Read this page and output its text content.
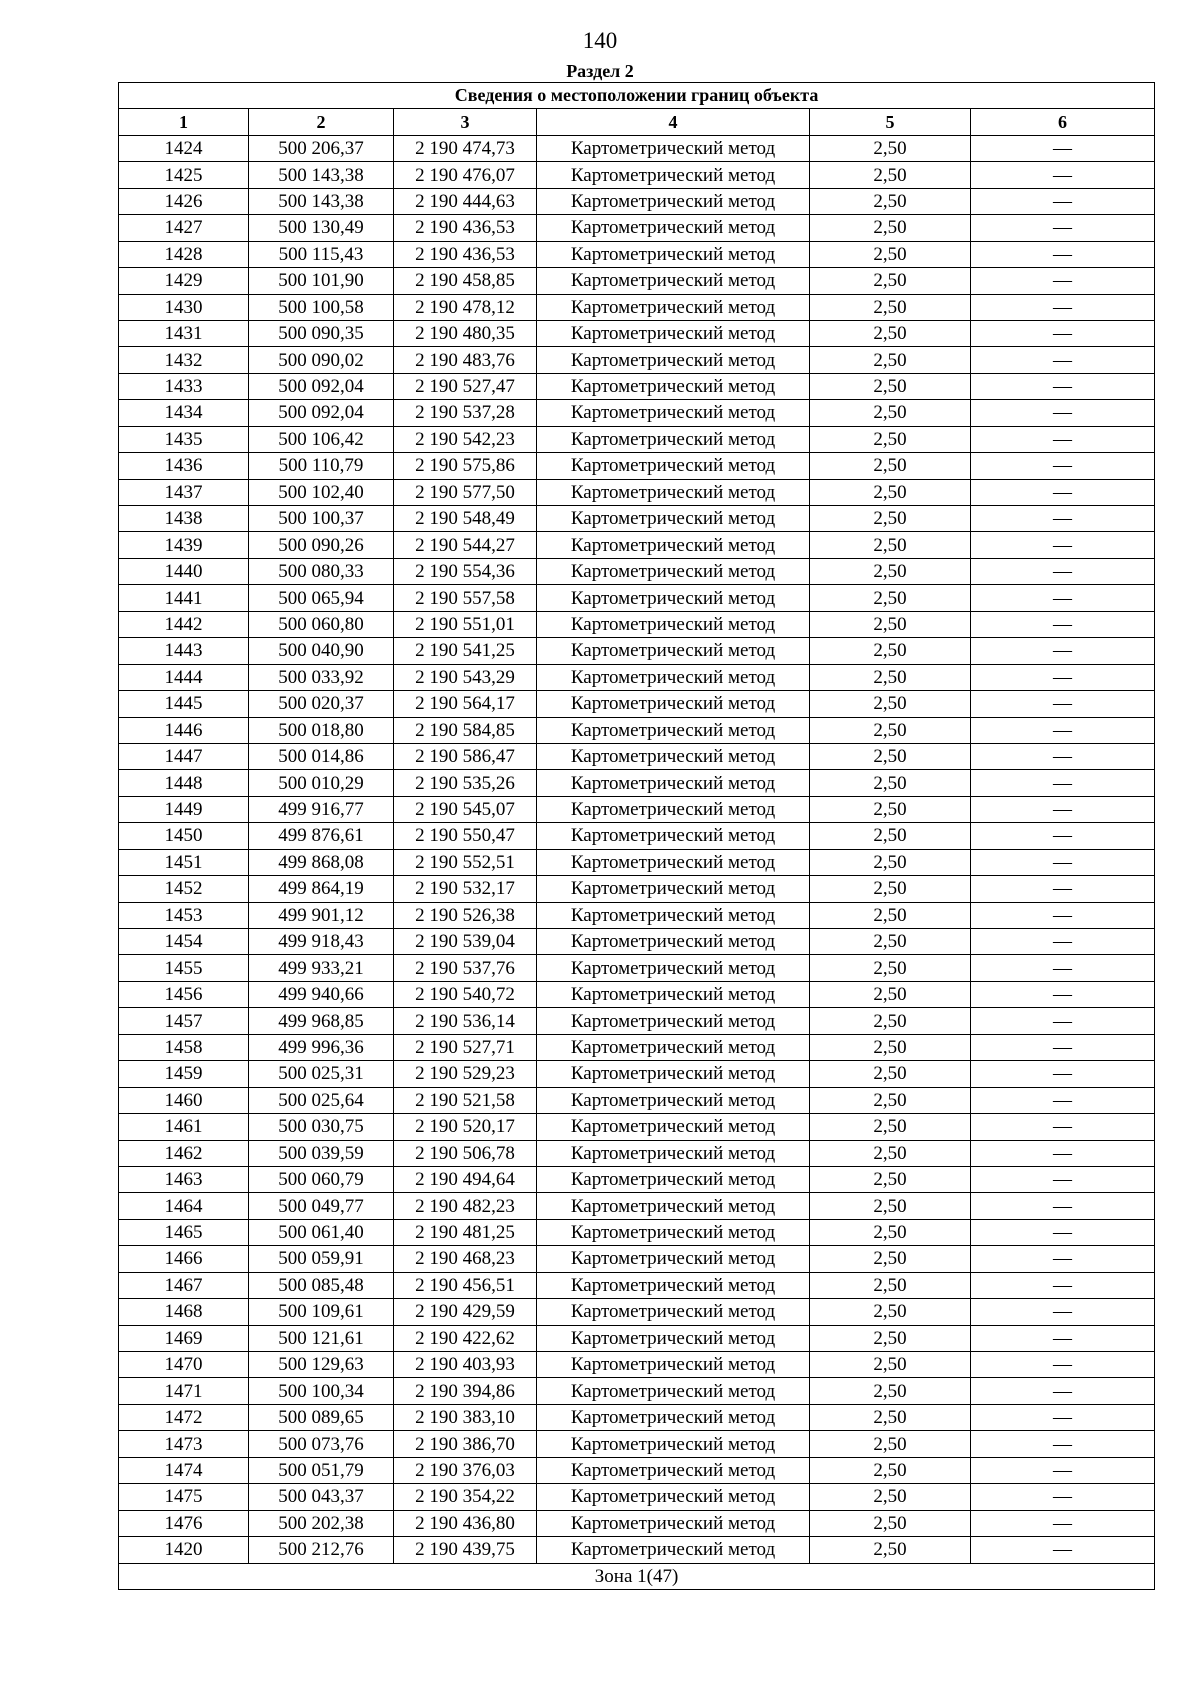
140
Раздел 2
Сведения о местоположении границ объекта					
1	2	3	4	5	6
1424	500 206,37	2 190 474,73	Картометрический метод	2,50	—
1425	500 143,38	2 190 476,07	Картометрический метод	2,50	—
1426	500 143,38	2 190 444,63	Картометрический метод	2,50	—
1427	500 130,49	2 190 436,53	Картометрический метод	2,50	—
1428	500 115,43	2 190 436,53	Картометрический метод	2,50	—
1429	500 101,90	2 190 458,85	Картометрический метод	2,50	—
1430	500 100,58	2 190 478,12	Картометрический метод	2,50	—
1431	500 090,35	2 190 480,35	Картометрический метод	2,50	—
1432	500 090,02	2 190 483,76	Картометрический метод	2,50	—
1433	500 092,04	2 190 527,47	Картометрический метод	2,50	—
1434	500 092,04	2 190 537,28	Картометрический метод	2,50	—
1435	500 106,42	2 190 542,23	Картометрический метод	2,50	—
1436	500 110,79	2 190 575,86	Картометрический метод	2,50	—
1437	500 102,40	2 190 577,50	Картометрический метод	2,50	—
1438	500 100,37	2 190 548,49	Картометрический метод	2,50	—
1439	500 090,26	2 190 544,27	Картометрический метод	2,50	—
1440	500 080,33	2 190 554,36	Картометрический метод	2,50	—
1441	500 065,94	2 190 557,58	Картометрический метод	2,50	—
1442	500 060,80	2 190 551,01	Картометрический метод	2,50	—
1443	500 040,90	2 190 541,25	Картометрический метод	2,50	—
1444	500 033,92	2 190 543,29	Картометрический метод	2,50	—
1445	500 020,37	2 190 564,17	Картометрический метод	2,50	—
1446	500 018,80	2 190 584,85	Картометрический метод	2,50	—
1447	500 014,86	2 190 586,47	Картометрический метод	2,50	—
1448	500 010,29	2 190 535,26	Картометрический метод	2,50	—
1449	499 916,77	2 190 545,07	Картометрический метод	2,50	—
1450	499 876,61	2 190 550,47	Картометрический метод	2,50	—
1451	499 868,08	2 190 552,51	Картометрический метод	2,50	—
1452	499 864,19	2 190 532,17	Картометрический метод	2,50	—
1453	499 901,12	2 190 526,38	Картометрический метод	2,50	—
1454	499 918,43	2 190 539,04	Картометрический метод	2,50	—
1455	499 933,21	2 190 537,76	Картометрический метод	2,50	—
1456	499 940,66	2 190 540,72	Картометрический метод	2,50	—
1457	499 968,85	2 190 536,14	Картометрический метод	2,50	—
1458	499 996,36	2 190 527,71	Картометрический метод	2,50	—
1459	500 025,31	2 190 529,23	Картометрический метод	2,50	—
1460	500 025,64	2 190 521,58	Картометрический метод	2,50	—
1461	500 030,75	2 190 520,17	Картометрический метод	2,50	—
1462	500 039,59	2 190 506,78	Картометрический метод	2,50	—
1463	500 060,79	2 190 494,64	Картометрический метод	2,50	—
1464	500 049,77	2 190 482,23	Картометрический метод	2,50	—
1465	500 061,40	2 190 481,25	Картометрический метод	2,50	—
1466	500 059,91	2 190 468,23	Картометрический метод	2,50	—
1467	500 085,48	2 190 456,51	Картометрический метод	2,50	—
1468	500 109,61	2 190 429,59	Картометрический метод	2,50	—
1469	500 121,61	2 190 422,62	Картометрический метод	2,50	—
1470	500 129,63	2 190 403,93	Картометрический метод	2,50	—
1471	500 100,34	2 190 394,86	Картометрический метод	2,50	—
1472	500 089,65	2 190 383,10	Картометрический метод	2,50	—
1473	500 073,76	2 190 386,70	Картометрический метод	2,50	—
1474	500 051,79	2 190 376,03	Картометрический метод	2,50	—
1475	500 043,37	2 190 354,22	Картометрический метод	2,50	—
1476	500 202,38	2 190 436,80	Картометрический метод	2,50	—
1420	500 212,76	2 190 439,75	Картометрический метод	2,50	—
Зона 1(47)					
